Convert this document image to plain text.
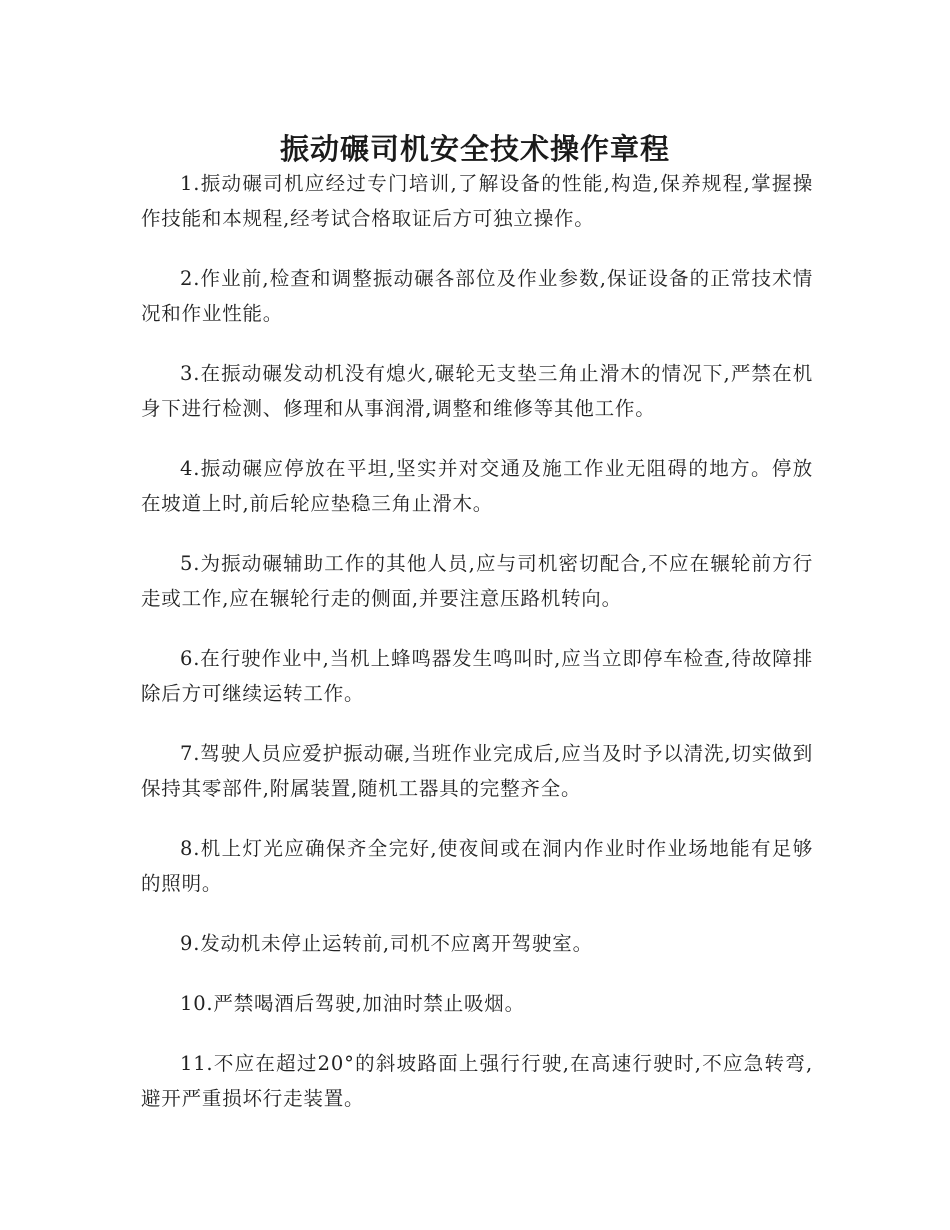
振动碾司机安全技术操作章程

1.振动碾司机应经过专门培训,了解设备的性能,构造,保养规程,掌握操作技能和本规程,经考试合格取证后方可独立操作。

2.作业前,检查和调整振动碾各部位及作业参数,保证设备的正常技术情况和作业性能。

3.在振动碾发动机没有熄火,碾轮无支垫三角止滑木的情况下,严禁在机身下进行检测、修理和从事润滑,调整和维修等其他工作。

4.振动碾应停放在平坦,坚实并对交通及施工作业无阻碍的地方。停放在坡道上时,前后轮应垫稳三角止滑木。

5.为振动碾辅助工作的其他人员,应与司机密切配合,不应在辗轮前方行走或工作,应在辗轮行走的侧面,并要注意压路机转向。

6.在行驶作业中,当机上蜂鸣器发生鸣叫时,应当立即停车检查,待故障排除后方可继续运转工作。

7.驾驶人员应爱护振动碾,当班作业完成后,应当及时予以清洗,切实做到保持其零部件,附属装置,随机工器具的完整齐全。

8.机上灯光应确保齐全完好,使夜间或在洞内作业时作业场地能有足够的照明。

9.发动机未停止运转前,司机不应离开驾驶室。

10.严禁喝酒后驾驶,加油时禁止吸烟。

11.不应在超过20°的斜坡路面上强行行驶,在高速行驶时,不应急转弯,避开严重损坏行走装置。
